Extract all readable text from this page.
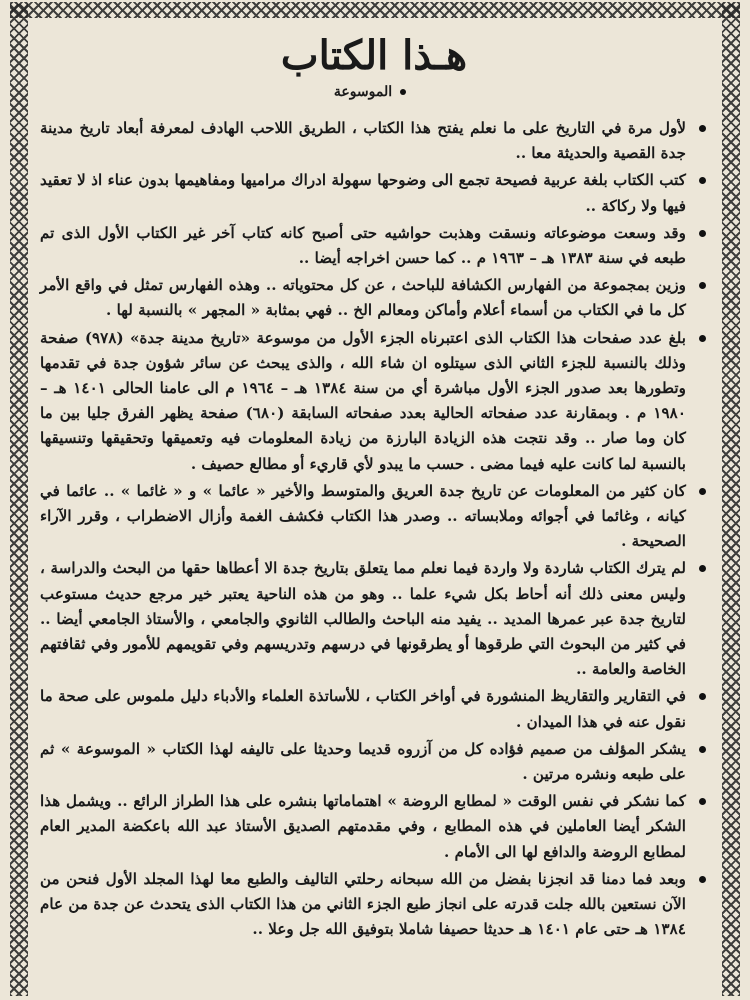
هـذا الكتاب
الموسوعة
لأول مرة في التاريخ على ما نعلم يفتح هذا الكتاب ، الطريق اللاحب الهادف لمعرفة أبعاد تاريخ مدينة جدة القصية والحديثة معا ..
كتب الكتاب بلغة عربية فصيحة تجمع الى وضوحها سهولة ادراك مراميها ومفاهيمها بدون عناء اذ لا تعقيد فيها ولا ركاكة ..
وقد وسعت موضوعاته ونسقت وهذبت حواشيه حتى أصبح كانه كتاب آخر غير الكتاب الأول الذى تم طبعه في سنة ١٣٨٣ هـ – ١٩٦٣ م .. كما حسن اخراجه أيضا ..
وزين بمجموعة من الفهارس الكشافة للباحث ، عن كل محتوياته .. وهذه الفهارس تمثل في واقع الأمر كل ما في الكتاب من أسماء أعلام وأماكن ومعالم الخ .. فهي بمثابة « المجهر » بالنسبة لها .
بلغ عدد صفحات هذا الكتاب الذى اعتبرناه الجزء الأول من موسوعة «تاريخ مدينة جدة» (٩٧٨) صفحة وذلك بالنسبة للجزء الثاني الذى سيتلوه ان شاء الله ، والذى يبحث عن سائر شؤون جدة في تقدمها وتطورها بعد صدور الجزء الأول مباشرة أي من سنة ١٣٨٤ هـ – ١٩٦٤ م الى عامنا الحالى ١٤٠١ هـ – ١٩٨٠ م . وبمقارنة عدد صفحاته الحالية بعدد صفحاته السابقة (٦٨٠) صفحة يظهر الفرق جليا بين ما كان وما صار .. وقد نتجت هذه الزيادة البارزة من زيادة المعلومات فيه وتعميقها وتحقيقها وتنسيقها بالنسبة لما كانت عليه فيما مضى . حسب ما يبدو لأي قاريء أو مطالع حصيف .
كان كثير من المعلومات عن تاريخ جدة العريق والمتوسط والأخير « عائما » و « غائما » .. عائما في كيانه ، وغائما في أجوائه وملابساته .. وصدر هذا الكتاب فكشف الغمة وأزال الاضطراب ، وقرر الآراء الصحيحة .
لم يترك الكتاب شاردة ولا واردة فيما نعلم مما يتعلق بتاريخ جدة الا أعطاها حقها من البحث والدراسة ، وليس معنى ذلك أنه أحاط بكل شيء علما .. وهو من هذه الناحية يعتبر خير مرجع حديث مستوعب لتاريخ جدة عبر عمرها المديد .. يفيد منه الباحث والطالب الثانوي والجامعي ، والأستاذ الجامعي أيضا .. في كثير من البحوث التي طرقوها أو يطرقونها في درسهم وتدريسهم وفي تقويمهم للأمور وفي ثقافتهم الخاصة والعامة ..
في التقارير والتقاريظ المنشورة في أواخر الكتاب ، للأساتذة العلماء والأدباء دليل ملموس على صحة ما نقول عنه في هذا الميدان .
يشكر المؤلف من صميم فؤاده كل من آزروه قديما وحديثا على تاليفه لهذا الكتاب « الموسوعة » ثم على طبعه ونشره مرتين .
كما نشكر في نفس الوقت « لمطابع الروضة » اهتماماتها بنشره على هذا الطراز الرائع .. ويشمل هذا الشكر أيضا العاملين في هذه المطابع ، وفي مقدمتهم الصديق الأستاذ عبد الله باعكضة المدير العام لمطابع الروضة والدافع لها الى الأمام .
وبعد فما دمنا قد انجزنا بفضل من الله سبحانه رحلتي التاليف والطبع معا لهذا المجلد الأول فنحن من الآن نستعين بالله جلت قدرته على انجاز طبع الجزء الثاني من هذا الكتاب الذى يتحدث عن جدة من عام ١٣٨٤ هـ حتى عام ١٤٠١ هـ حديثا حصيفا شاملا بتوفيق الله جل وعلا ..
